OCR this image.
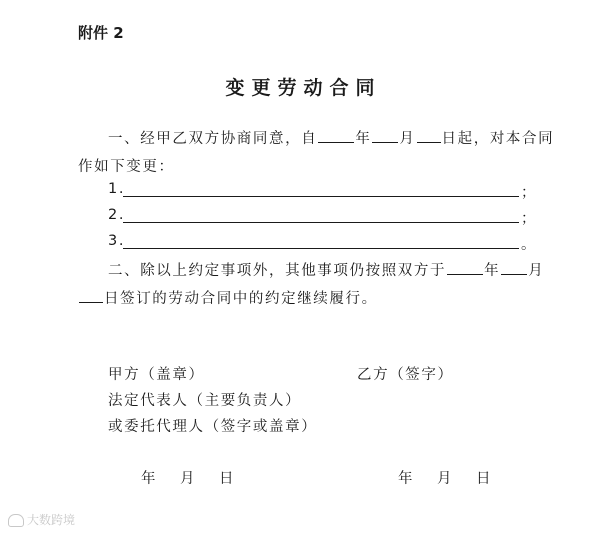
附件 2
变更劳动合同
一、经甲乙双方协商同意，自	年 月 日起，对本合同
作如下变更：
1.	；
2.	；
3.	。
二、除以上约定事项外，其他事项仍按照双方于	年 月
日签订的劳动合同中的约定继续履行。
甲方（盖章）	乙方（签字）
法定代表人（主要负责人）
或委托代理人（签字或盖章）
年 月 日	年 月 日
大数跨境
